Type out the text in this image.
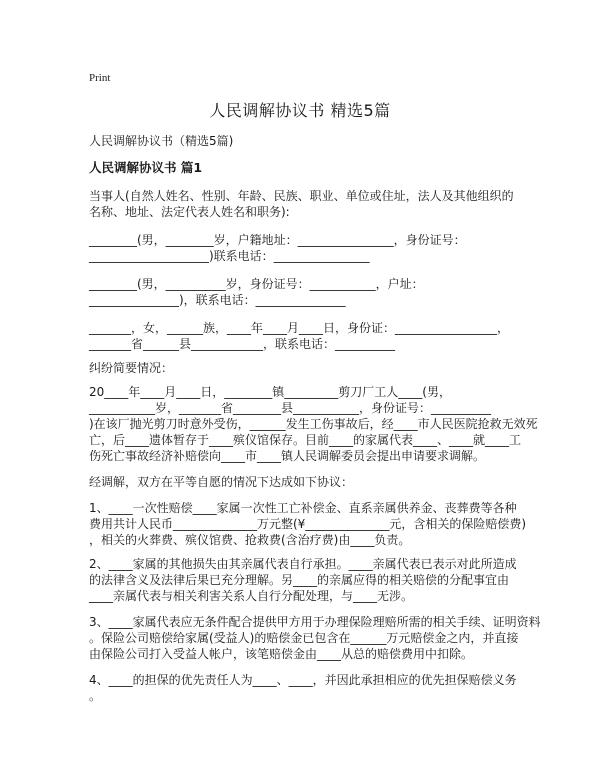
Print
人民调解协议书 精选5篇
人民调解协议书（精选5篇)
人民调解协议书 篇1
当事人(自然人姓名、性别、年龄、民族、职业、单位或住址，法人及其他组织的
名称、地址、法定代表人姓名和职务):
________(男，________岁，户籍地址：________________，身份证号：
____________________)联系电话：________________
________(男，__________岁，身份证号：___________，户址：
_______________)，联系电话：_______________
_______，女，______族，____年____月____日，身份证：_________________，
_______省______县____________，联系电话：__________
纠纷简要情况：
20____年____月____日，________镇_________剪刀厂工人____(男，
___________岁，_______省________县___________，身份证号：__________
)在该厂抛光剪刀时意外受伤，______发生工伤事故后，经____市人民医院抢救无效死
亡，后____遗体暂存于____殡仪馆保存。目前____的家属代表____、____就____工
伤死亡事故经济补赔偿向____市____镇人民调解委员会提出申请要求调解。
经调解，双方在平等自愿的情况下达成如下协议：
1、____一次性赔偿____家属一次性工亡补偿金、直系亲属供养金、丧葬费等各种
费用共计人民币______________万元整(¥______________元，含相关的保险赔偿费)
，相关的火葬费、殡仪馆费、抢救费(含治疗费)由____负责。
2、____家属的其他损失由其亲属代表自行承担。____亲属代表已表示对此所造成
的法律含义及法律后果已充分理解。另____的亲属应得的相关赔偿的分配事宜由
____亲属代表与相关利害关系人自行分配处理，与____无涉。
3、____家属代表应无条件配合提供甲方用于办理保险理赔所需的相关手续、证明资料
。保险公司赔偿给家属(受益人)的赔偿金已包含在______万元赔偿金之内，并直接
由保险公司打入受益人帐户，该笔赔偿金由____从总的赔偿费用中扣除。
4、____的担保的优先责任人为____、____，并因此承担相应的优先担保赔偿义务
。
